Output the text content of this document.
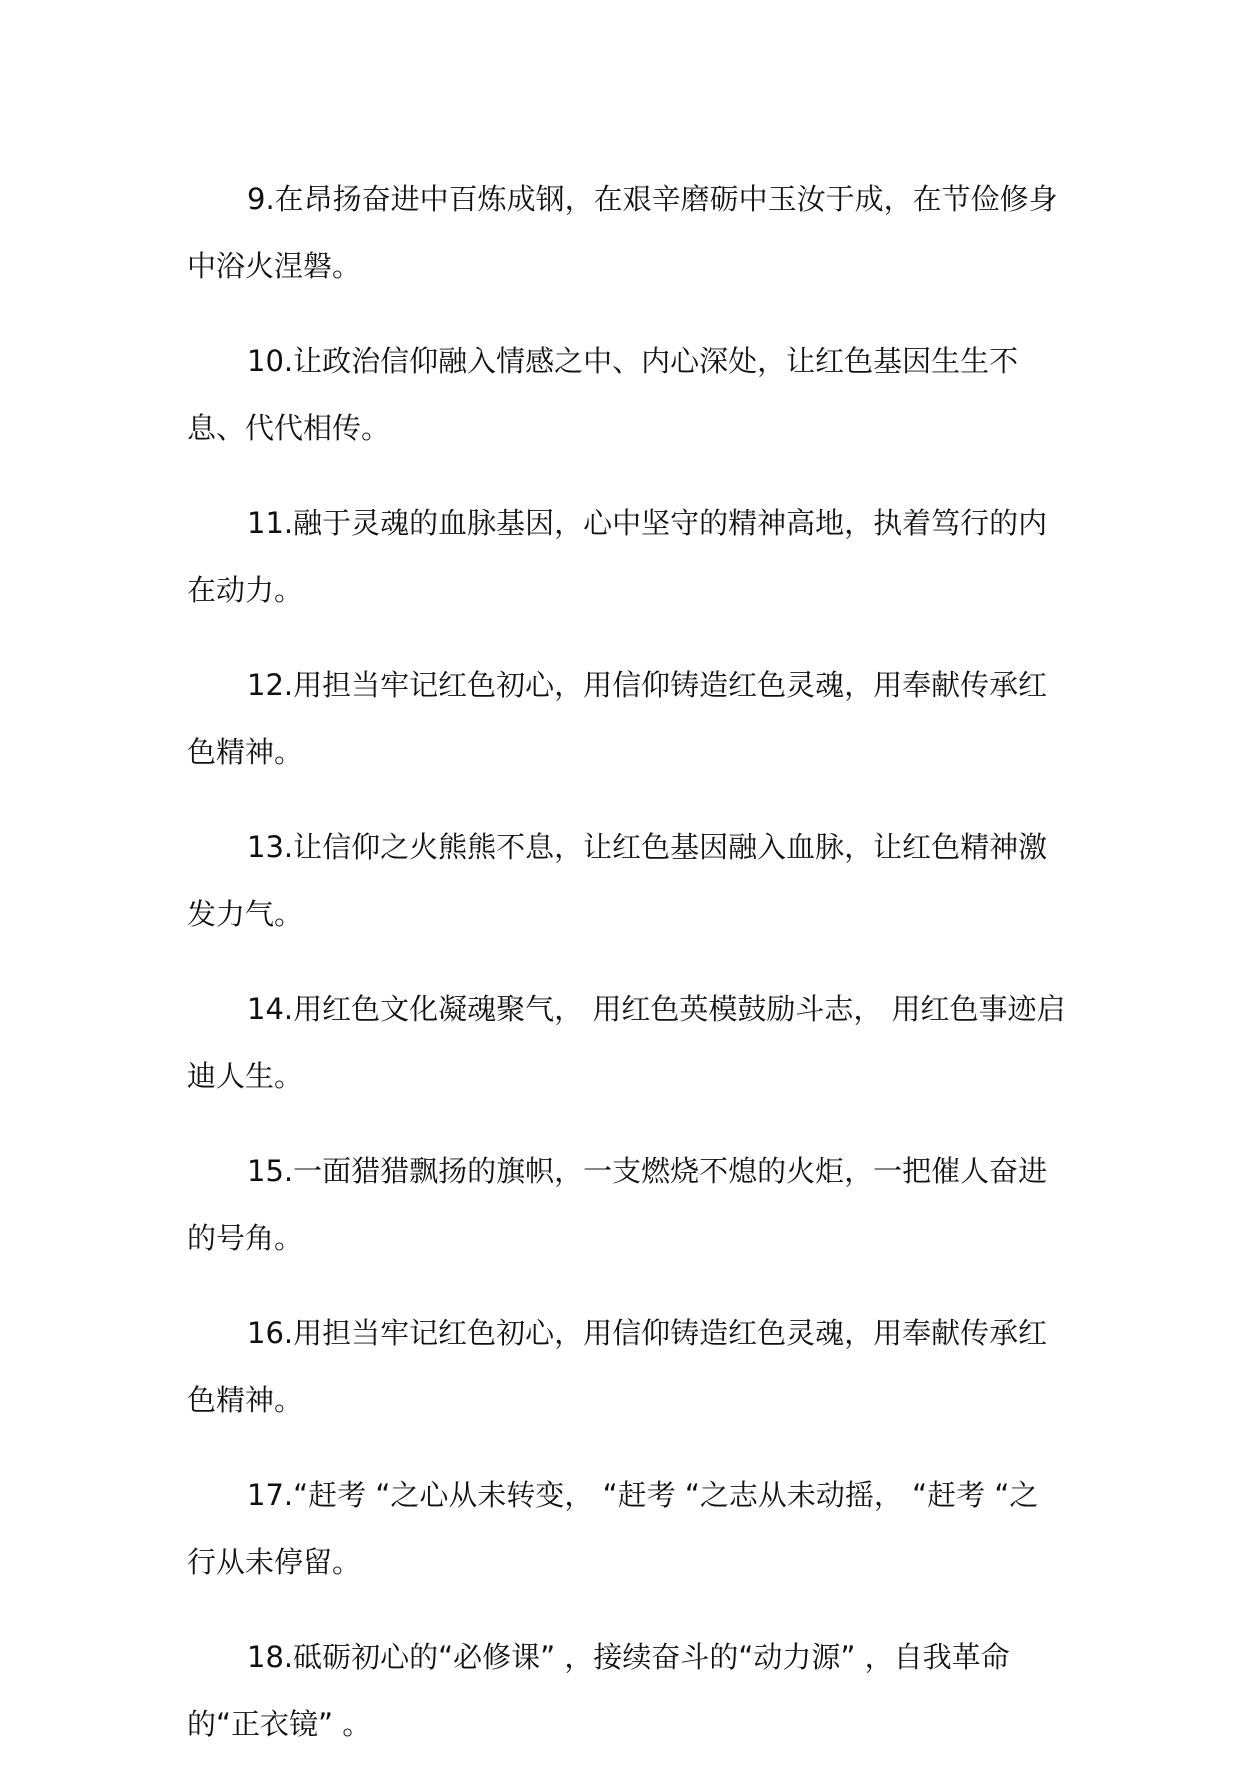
9.在昂扬奋进中百炼成钢，在艰辛磨砺中玉汝于成，在节俭修身中浴火涅磐。

10.让政治信仰融入情感之中、内心深处，让红色基因生生不息、代代相传。

11.融于灵魂的血脉基因，心中坚守的精神高地，执着笃行的内在动力。

12.用担当牢记红色初心，用信仰铸造红色灵魂，用奉献传承红色精神。

13.让信仰之火熊熊不息，让红色基因融入血脉，让红色精神激发力气。

14.用红色文化凝魂聚气， 用红色英模鼓励斗志， 用红色事迹启迪人生。

15.一面猎猎飘扬的旗帜，一支燃烧不熄的火炬，一把催人奋进的号角。

16.用担当牢记红色初心，用信仰铸造红色灵魂，用奉献传承红色精神。

17.“赶考 “之心从未转变， “赶考 “之志从未动摇， “赶考 “之行从未停留。

18.砥砺初心的“必修课” ，接续奋斗的“动力源” ，自我革命的“正衣镜” 。
